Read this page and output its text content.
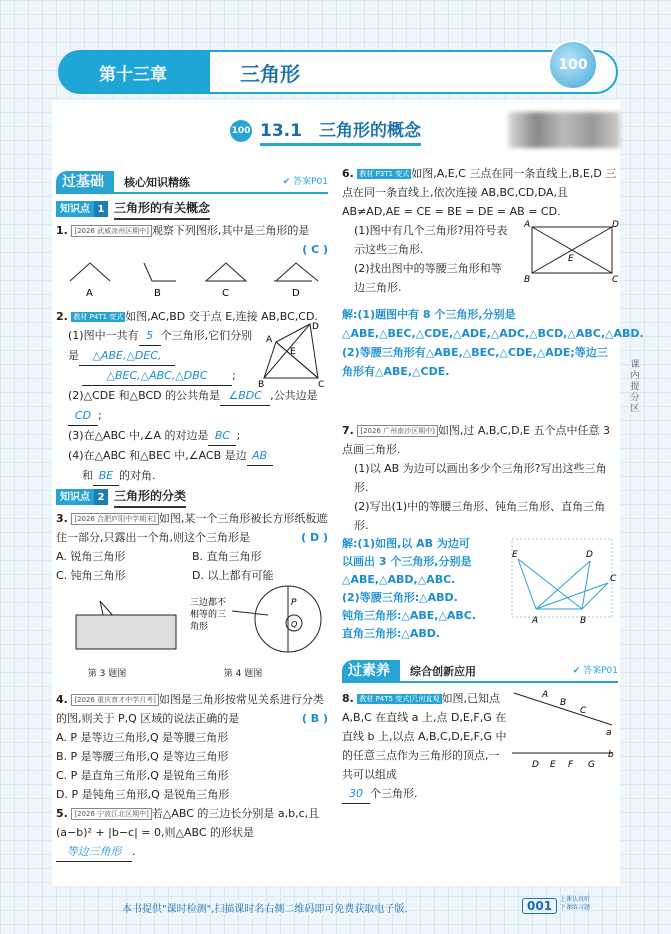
第十三章	三角形	100
100 13.1　三角形的概念
过基础	核心知识精练	✔ 答案P01
知识点 1 三角形的有关概念
1. [2026 武威凉州区期中] 观察下列图形,其中是三角形的是
( C )
A	B	C	D
2. 教材 P4T1 变式 如图,AC,BD 交于点 E,连接 AB,BC,CD.
(1)图中一共有 5 个三角形,它们分别是 △ABE,△DEC,
△BEC,△ABC,△DBC ;
D
A
E
B	C
(2)△CDE 和△BCD 的公共角是 ∠BDC ,公共边是CD ;
(3)在△ABC 中,∠A 的对边是 BC ;
(4)在△ABC 和△BEC 中,∠ACB 是边 AB
和 BE 的对角.
知识点 2 三角形的分类
3. [2026 合肥庐阳中学期末] 如图,某一个三角形被长方形纸板遮住一部分,只露出一个角,则这个三角形是	( D )
A. 锐角三角形	B. 直角三角形
C. 钝角三角形	D. 以上都有可能
三边都不
相等的三
角形
P
Q
第 3 题图	第 4 题图
4. [2026 重庆育才中学月考] 如图是三角形按常见关系进行分类的图,则关于 P,Q 区域的说法正确的是	( B )
A. P 是等边三角形,Q 是等腰三角形
B. P 是等腰三角形,Q 是等边三角形
C. P 是直角三角形,Q 是锐角三角形
D. P 是钝角三角形,Q 是锐角三角形
5. [2026 宁波江北区期中] 若△ABC 的三边长分别是 a,b,c,且(a−b)² + |b−c| = 0,则△ABC 的形状是等边三角形 .
6. 教材 P3T1 变式 如图,A,E,C 三点在同一条直线上,B,E,D 三点在同一条直线上,依次连接 AB,BC,CD,DA,且 AB≠AD,AE = CE = BE = DE = AB = CD.
(1)图中有几个三角形?用符号表示这些三角形.
(2)找出图中的等腰三角形和等边三角形.
A	D
E
B	C
解:(1)题图中有 8 个三角形,分别是△ABE,△BEC,△CDE,△ADE,△ADC,△BCD,△ABC,△ABD.
(2)等腰三角形有△ABE,△BEC,△CDE,△ADE;等边三角形有△ABE,△CDE.
7. [2026 广州南沙区期中] 如图,过 A,B,C,D,E 五个点中任意 3 点画三角形.
(1)以 AB 为边可以画出多少个三角形?写出这些三角形.
(2)写出(1)中的等腰三角形、钝角三角形、直角三角形.
解:(1)如图,以 AB 为边可
以画出 3 个三角形,分别是
△ABE,△ABD,△ABC.
(2)等腰三角形:△ABD.
钝角三角形:△ABE,△ABC.
直角三角形:△ABD.
E	D
C
A	B
过素养	综合创新应用	✔ 答案P01
8. 教材 P4T5 变式|几何直观 如图,已知点 A,B,C 在直线 a 上,点 D,E,F,G 在直线 b 上,以点 A,B,C,D,E,F,G 中的任意三点作为三角形的顶点,一共可以组成
A
B
C
a
D E F G
b
30 个三角形.
课内提分区
本书提供"课时检测",扫描课时名右侧二维码即可免费获取电子版.	001	上课认真听
下课练习题
